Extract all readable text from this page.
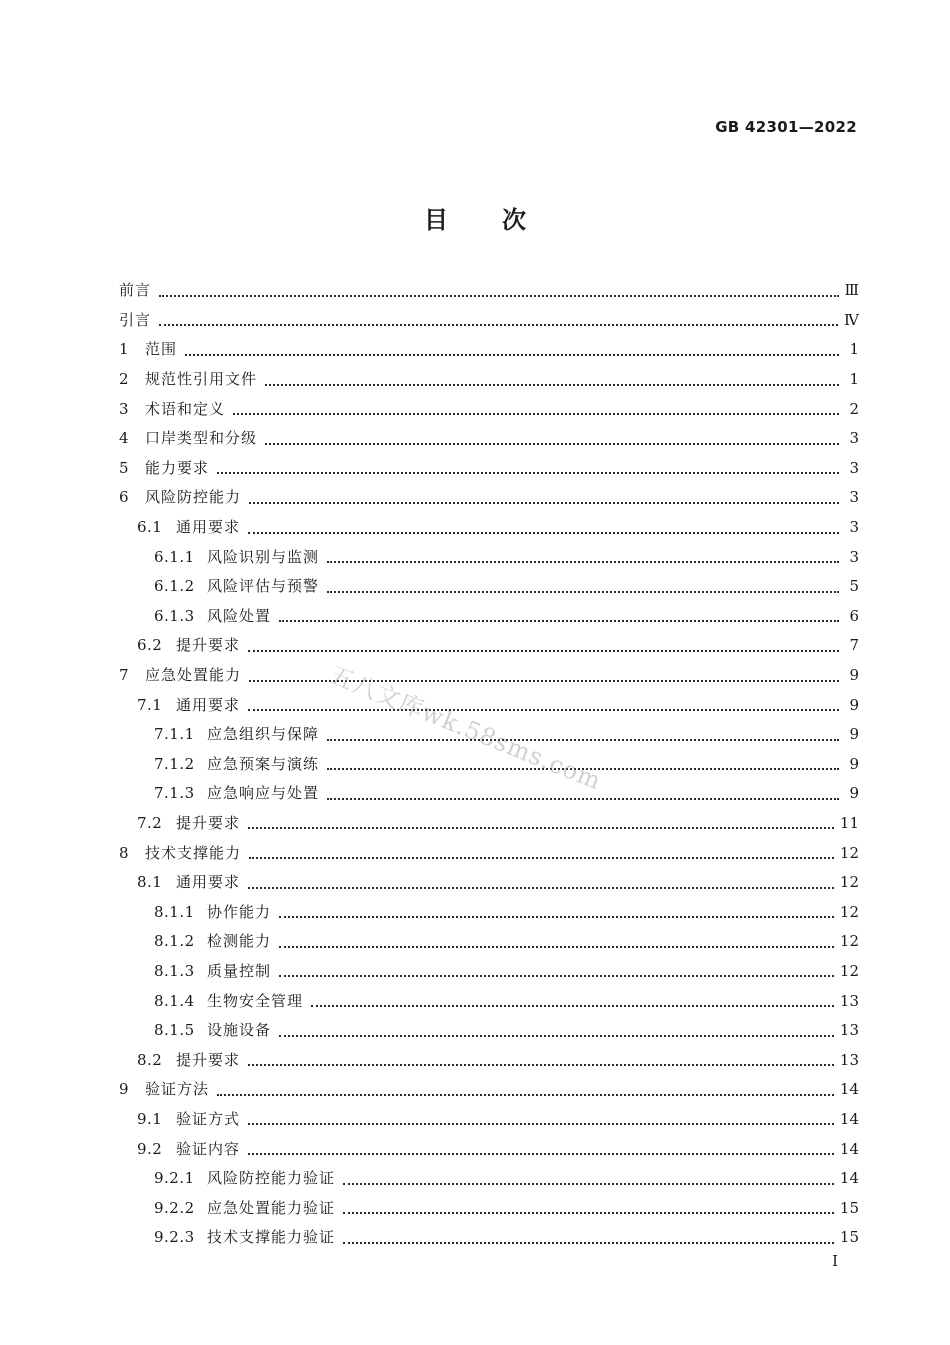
GB 42301—2022
目次
前言	Ⅲ
引言	Ⅳ
1	范围	1
2	规范性引用文件	1
3	术语和定义	2
4	口岸类型和分级	3
5	能力要求	3
6	风险防控能力	3
6.1 通用要求	3
6.1.1 风险识别与监测	3
6.1.2 风险评估与预警	5
6.1.3 风险处置	6
6.2 提升要求	7
7	应急处置能力	9
7.1 通用要求	9
7.1.1 应急组织与保障	9
7.1.2 应急预案与演练	9
7.1.3 应急响应与处置	9
7.2 提升要求	11
8	技术支撑能力	12
8.1 通用要求	12
8.1.1 协作能力	12
8.1.2 检测能力	12
8.1.3 质量控制	12
8.1.4 生物安全管理	13
8.1.5 设施设备	13
8.2 提升要求	13
9	验证方法	14
9.1 验证方式	14
9.2 验证内容	14
9.2.1 风险防控能力验证	14
9.2.2 应急处置能力验证	15
9.2.3 技术支撑能力验证	15
五八文库wk.58sms.com
I
